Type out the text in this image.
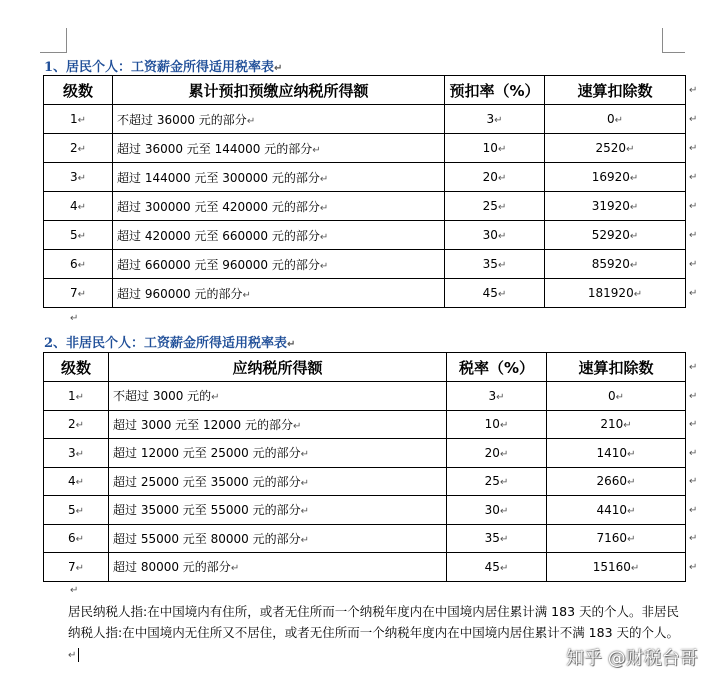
1、居民个人：工资薪金所得适用税率表↵
级数	累计预扣预缴应纳税所得额	预扣率（%）	速算扣除数
1↵	不超过 36000 元的部分↵	3↵	0↵
2↵	超过 36000 元至 144000 元的部分↵	10↵	2520↵
3↵	超过 144000 元至 300000 元的部分↵	20↵	16920↵
4↵	超过 300000 元至 420000 元的部分↵	25↵	31920↵
5↵	超过 420000 元至 660000 元的部分↵	30↵	52920↵
6↵	超过 660000 元至 960000 元的部分↵	35↵	85920↵
7↵	超过 960000 元的部分↵	45↵	181920↵
↵
2、非居民个人：工资薪金所得适用税率表↵
级数	应纳税所得额	税率（%）	速算扣除数
1↵	不超过 3000 元的↵	3↵	0↵
2↵	超过 3000 元至 12000 元的部分↵	10↵	210↵
3↵	超过 12000 元至 25000 元的部分↵	20↵	1410↵
4↵	超过 25000 元至 35000 元的部分↵	25↵	2660↵
5↵	超过 35000 元至 55000 元的部分↵	30↵	4410↵
6↵	超过 55000 元至 80000 元的部分↵	35↵	7160↵
7↵	超过 80000 元的部分↵	45↵	15160↵
↵
居民纳税人指:在中国境内有住所，或者无住所而一个纳税年度内在中国境内居住累计满 183 天的个人。非居民纳税人指:在中国境内无住所又不居住，或者无住所而一个纳税年度内在中国境内居住累计不满 183 天的个人。↵	知乎 @财税台哥
↵
↵
↵
↵
↵
↵
↵
↵
↵
↵
↵
↵
↵
↵
↵
↵
